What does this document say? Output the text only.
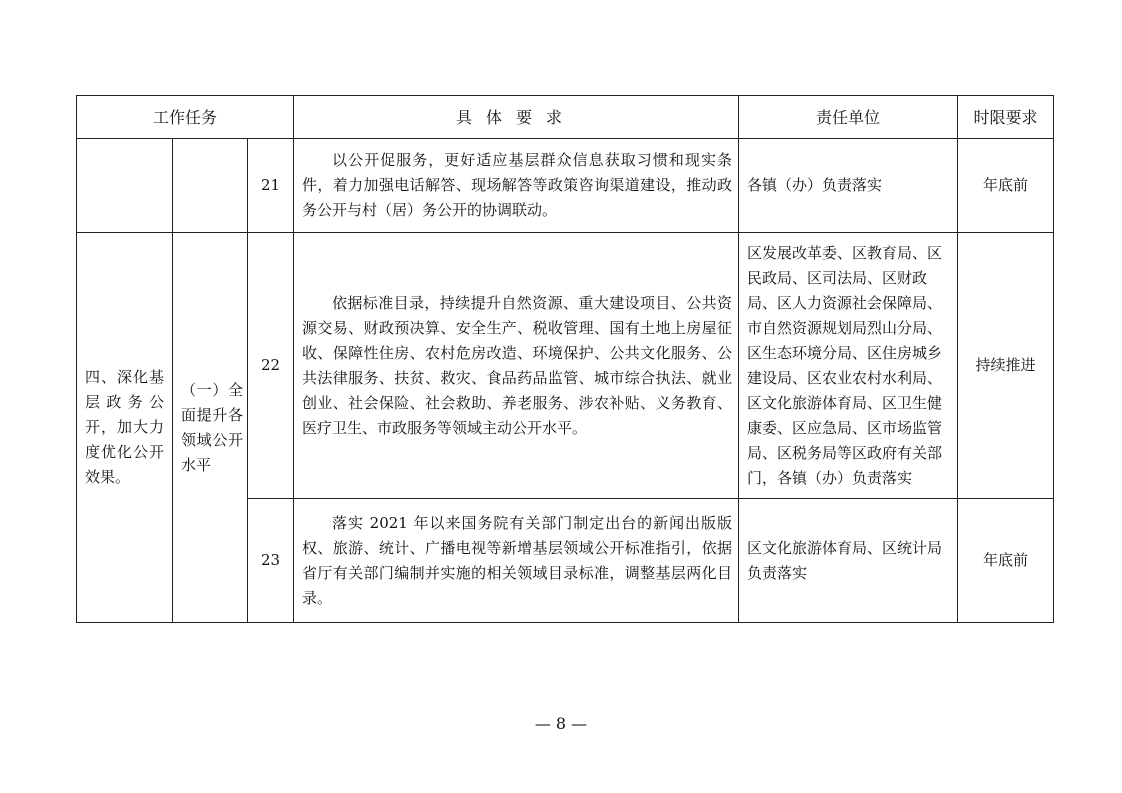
工作任务			具体要求	责任单位	时限要求
		21	以公开促服务，更好适应基层群众信息获取习惯和现实条件，着力加强电话解答、现场解答等政策咨询渠道建设，推动政务公开与村（居）务公开的协调联动。	各镇（办）负责落实	年底前
四、深化基层政务公开，加大力度优化公开效果。	（一）全面提升各领域公开水平	22	依据标准目录，持续提升自然资源、重大建设项目、公共资源交易、财政预决算、安全生产、税收管理、国有土地上房屋征收、保障性住房、农村危房改造、环境保护、公共文化服务、公共法律服务、扶贫、救灾、食品药品监管、城市综合执法、就业创业、社会保险、社会救助、养老服务、涉农补贴、义务教育、医疗卫生、市政服务等领域主动公开水平。	区发展改革委、区教育局、区民政局、区司法局、区财政局、区人力资源社会保障局、市自然资源规划局烈山分局、区生态环境分局、区住房城乡建设局、区农业农村水利局、区文化旅游体育局、区卫生健康委、区应急局、区市场监管局、区税务局等区政府有关部门，各镇（办）负责落实	持续推进
		23	落实 2021 年以来国务院有关部门制定出台的新闻出版版权、旅游、统计、广播电视等新增基层领域公开标准指引，依据省厅有关部门编制并实施的相关领域目录标准，调整基层两化目录。	区文化旅游体育局、区统计局负责落实	年底前
— 8 —
